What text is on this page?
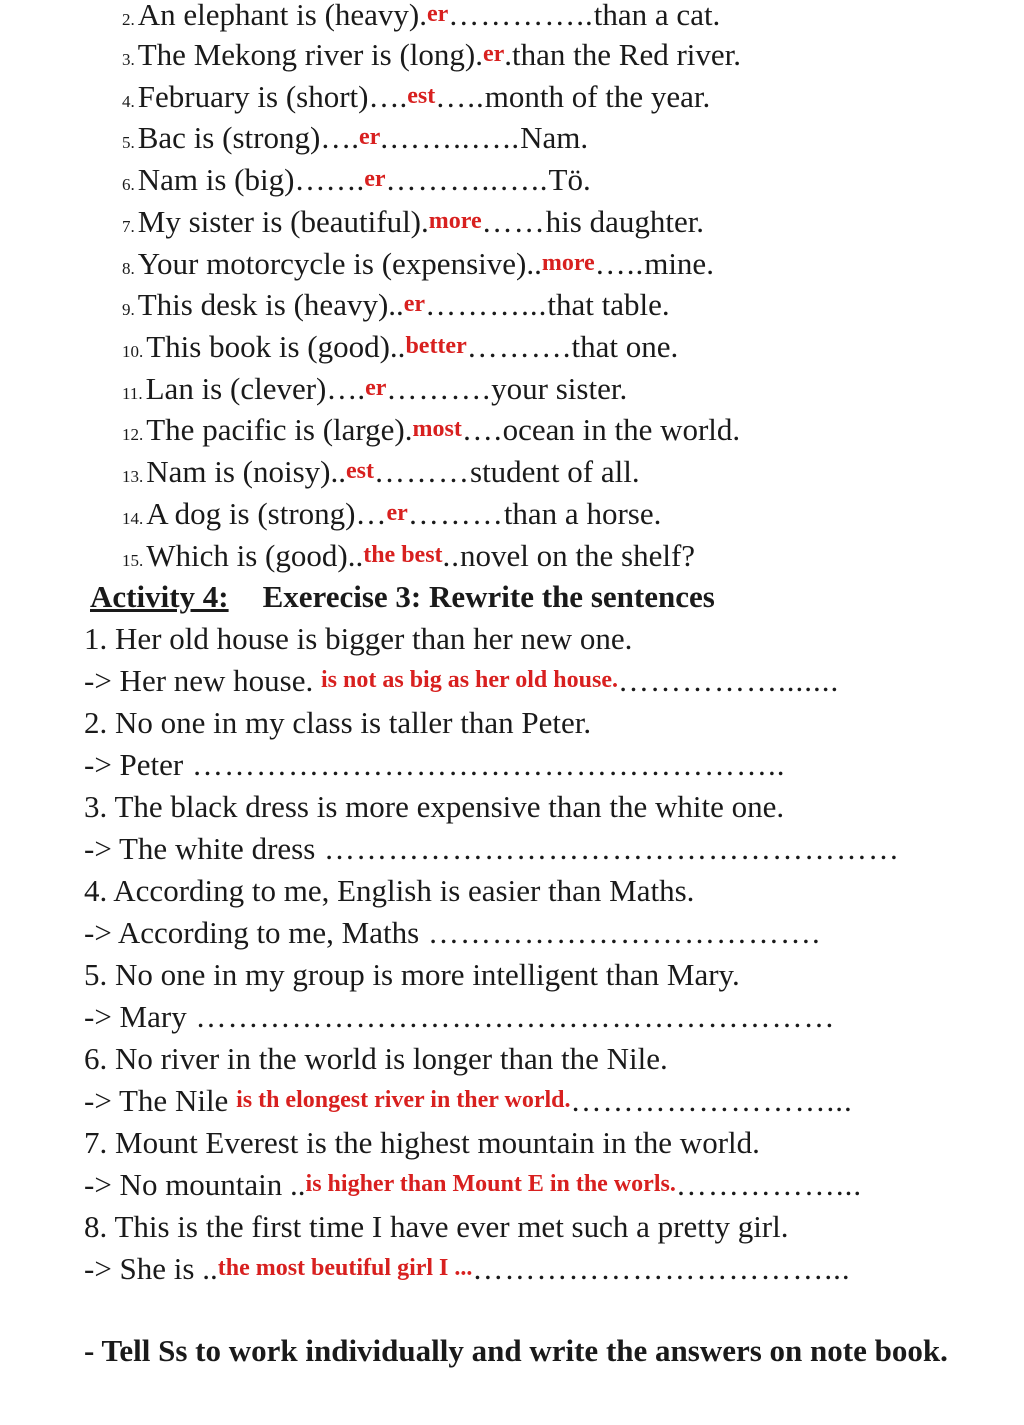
2.An elephant is (heavy).er…………..than a cat.
3.The Mekong river is (long).er.than the Red river.
4.February is (short)….est…..month of the year.
5.Bac is (strong)….er.……..…..Nam.
6.Nam is (big)…….er………..…..Tö.
7.My sister is (beautiful).more……his daughter.
8.Your motorcycle is (expensive)..more…..mine.
9.This desk is (heavy)..er………...that table.
10.This book is (good)..better……….that one.
11.Lan is (clever)….er……….your sister.
12.The pacific is (large).most….ocean in the world.
13.Nam is (noisy)..est………student of all.
14.A dog is (strong)…er………than a horse.
15.Which is (good)..the best..novel on the shelf?
Activity 4: Exerecise 3: Rewrite the sentences
1. Her old house is bigger than her new one.
-> Her new house. is not as big as her old house.…………….......
2. No one in my class is taller than Peter.
-> Peter ………………………………………………..
3. The black dress is more expensive than the white one.
-> The white dress ………………………………………………
4. According to me, English is easier than Maths.
-> According to me, Maths ……………………………….
5. No one in my group is more intelligent than Mary.
-> Mary ……………………………………………………
6. No river in the world is longer than the Nile.
-> The Nile is th elongest river in ther world.……………………...
7. Mount Everest is the highest mountain in the world.
-> No mountain ..is higher than Mount E in the worls.……………...
8. This is the first time I have ever met such a pretty girl.
-> She is ..the most beutiful girl I ...……………………………...
- Tell Ss to work individually and write the answers on note book.
